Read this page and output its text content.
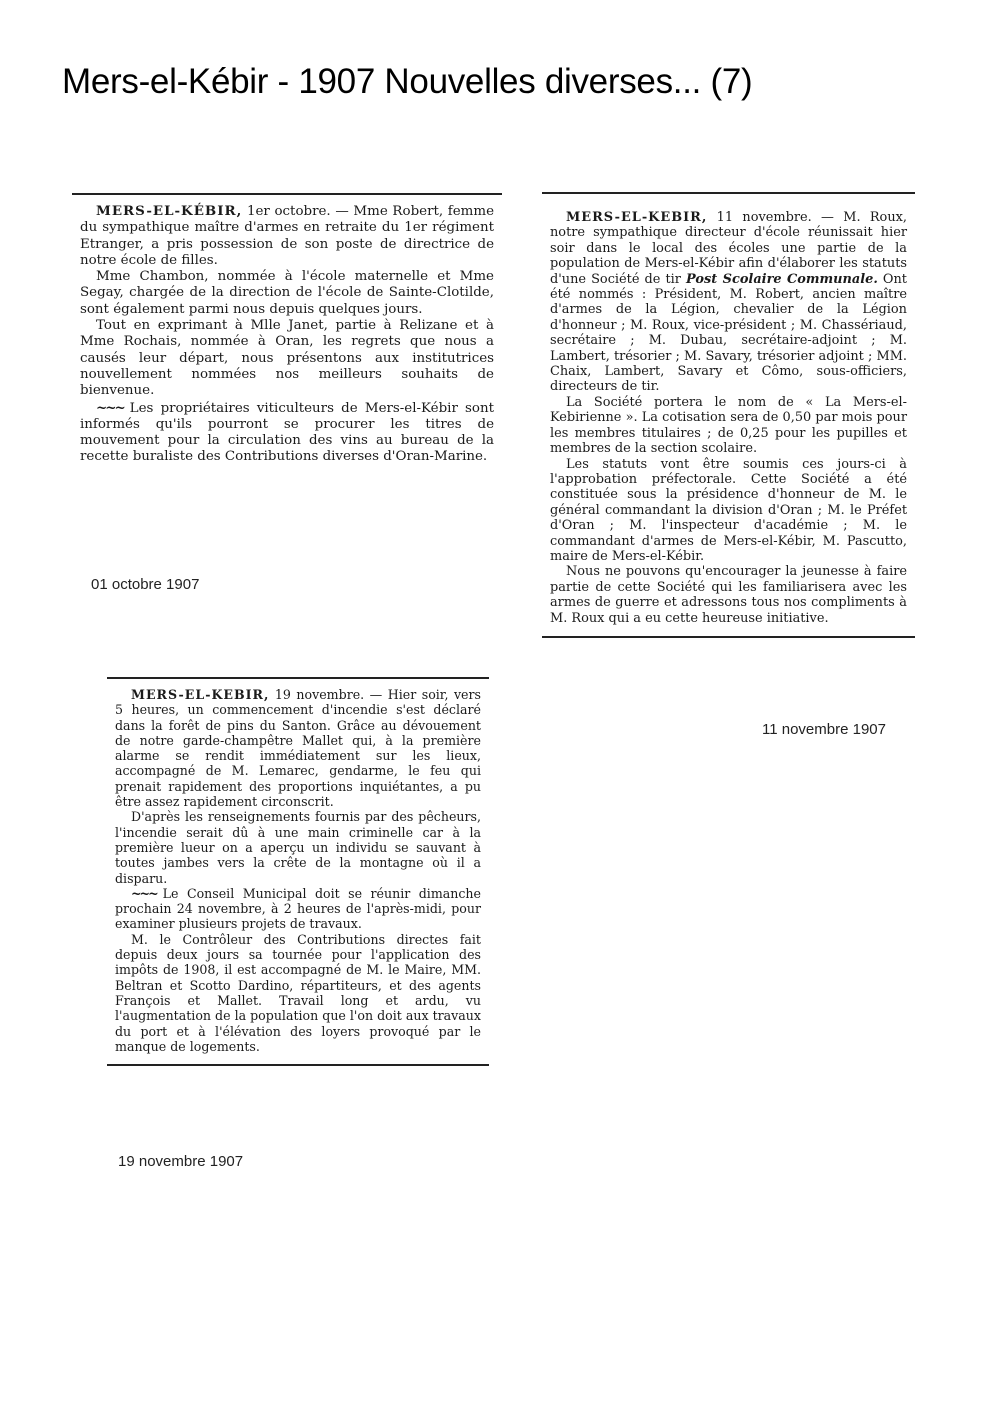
Mers-el-Kébir - 1907 Nouvelles diverses... (7)

MERS-EL-KÉBIR, 1er octobre. — Mme Robert, femme du sympathique maître d'armes en retraite du 1er régiment Etranger, a pris possession de son poste de directrice de notre école de filles.

Mme Chambon, nommée à l'école maternelle et Mme Segay, chargée de la direction de l'école de Sainte-Clotilde, sont également parmi nous depuis quelques jours.

Tout en exprimant à Mlle Janet, partie à Relizane et à Mme Rochais, nommée à Oran, les regrets que nous a causés leur départ, nous présentons aux institutrices nouvellement nommées nos meilleurs souhaits de bienvenue.

~~~ Les propriétaires viticulteurs de Mers-el-Kébir sont informés qu'ils pourront se procurer les titres de mouvement pour la circulation des vins au bureau de la recette buraliste des Contributions diverses d'Oran-Marine.

01 octobre 1907

MERS-EL-KEBIR, 11 novembre. — M. Roux, notre sympathique directeur d'école réunissait hier soir dans le local des écoles une partie de la population de Mers-el-Kébir afin d'élaborer les statuts d'une Société de tir Post Scolaire Communale. Ont été nommés : Président, M. Robert, ancien maître d'armes de la Légion, chevalier de la Légion d'honneur ; M. Roux, vice-président ; M. Chassériaud, secrétaire ; M. Dubau, secrétaire-adjoint ; M. Lambert, trésorier ; M. Savary, trésorier adjoint ; MM. Chaix, Lambert, Savary et Cômo, sous-officiers, directeurs de tir.

La Société portera le nom de « La Mers-el-Kebirienne ». La cotisation sera de 0,50 par mois pour les membres titulaires ; de 0,25 pour les pupilles et membres de la section scolaire.

Les statuts vont être soumis ces jours-ci à l'approbation préfectorale. Cette Société a été constituée sous la présidence d'honneur de M. le général commandant la division d'Oran ; M. le Préfet d'Oran ; M. l'inspecteur d'académie ; M. le commandant d'armes de Mers-el-Kébir, M. Pascutto, maire de Mers-el-Kébir.

Nous ne pouvons qu'encourager la jeunesse à faire partie de cette Société qui les familiarisera avec les armes de guerre et adressons tous nos compliments à M. Roux qui a eu cette heureuse initiative.

11 novembre 1907

MERS-EL-KEBIR, 19 novembre. — Hier soir, vers 5 heures, un commencement d'incendie s'est déclaré dans la forêt de pins du Santon. Grâce au dévouement de notre garde-champêtre Mallet qui, à la première alarme se rendit immédiatement sur les lieux, accompagné de M. Lemarec, gendarme, le feu qui prenait rapidement des proportions inquiétantes, a pu être assez rapidement circonscrit.

D'après les renseignements fournis par des pêcheurs, l'incendie serait dû à une main criminelle car à la première lueur on a aperçu un individu se sauvant à toutes jambes vers la crête de la montagne où il a disparu.

~~~ Le Conseil Municipal doit se réunir dimanche prochain 24 novembre, à 2 heures de l'après-midi, pour examiner plusieurs projets de travaux.

M. le Contrôleur des Contributions directes fait depuis deux jours sa tournée pour l'application des impôts de 1908, il est accompagné de M. le Maire, MM. Beltran et Scotto Dardino, répartiteurs, et des agents François et Mallet. Travail long et ardu, vu l'augmentation de la population que l'on doit aux travaux du port et à l'élévation des loyers provoqué par le manque de logements.

19 novembre 1907
